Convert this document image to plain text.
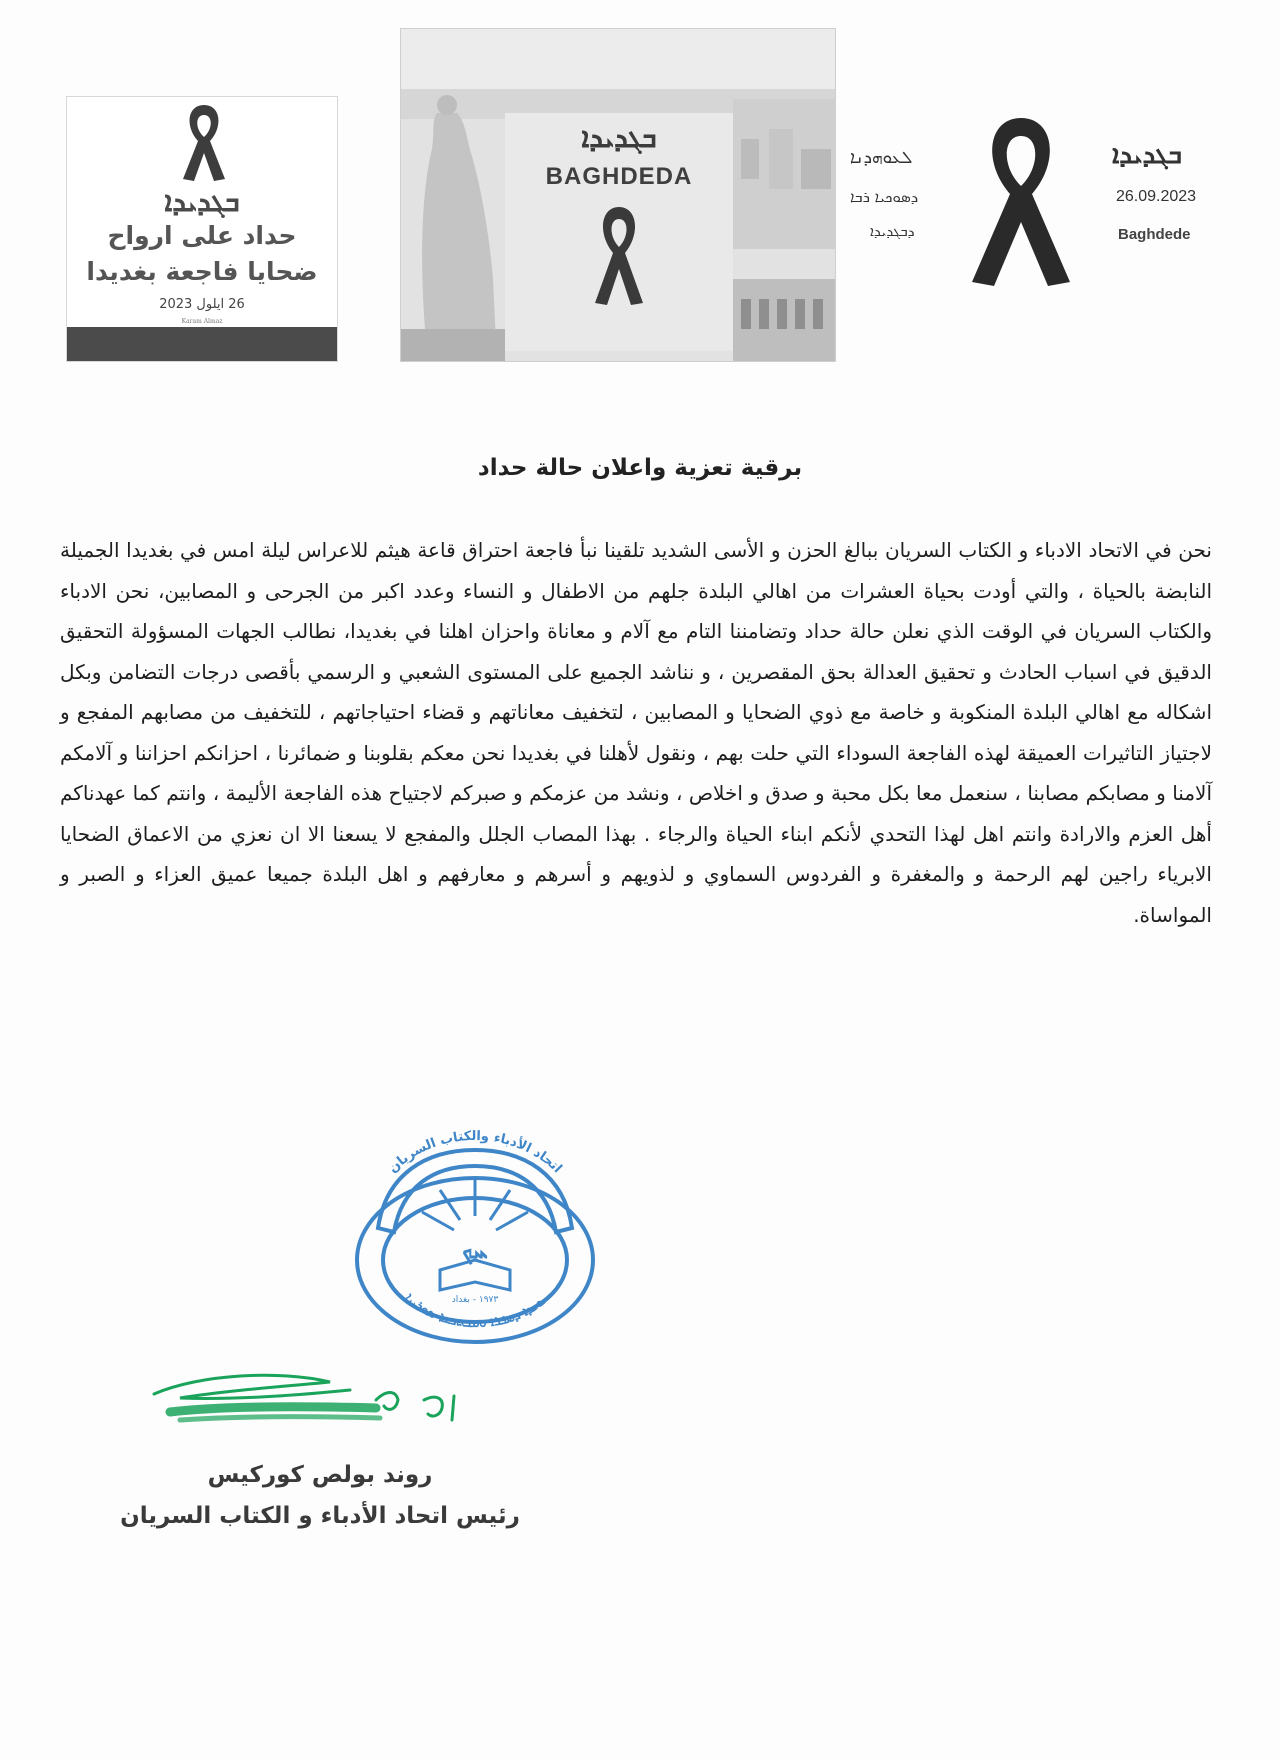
ܒܓܕܝܕܐ
حداد على ارواح
ضحايا فاجعة بغديدا
26 ايلول 2023
Karam Almaz
ܒܓܕܝܕܐ
BAGHDEDA
ܠܥܘܗܕܢܐ
ܕܣܘܟܝܐ ܪܒܐ
ܕܒܓܕܝܕܐ
ܒܓܕܝܕܐ
26.09.2023
Baghdede
برقية تعزية واعلان حالة حداد
نحن في الاتحاد الادباء و الكتاب السريان ببالغ الحزن و الأسى الشديد تلقينا نبأ فاجعة احتراق قاعة هيثم للاعراس ليلة امس في بغديدا الجميلة النابضة بالحياة ، والتي أودت بحياة العشرات من اهالي البلدة جلهم من الاطفال و النساء وعدد اكبر من الجرحى و المصابين، نحن الادباء والكتاب السريان في الوقت الذي نعلن حالة حداد وتضامننا التام مع آلام و معاناة واحزان اهلنا في بغديدا، نطالب الجهات المسؤولة التحقيق الدقيق في اسباب الحادث و تحقيق العدالة بحق المقصرين ، و نناشد الجميع على المستوى الشعبي و الرسمي بأقصى درجات التضامن وبكل اشكاله مع اهالي البلدة المنكوبة و خاصة مع ذوي الضحايا و المصابين ، لتخفيف معاناتهم و قضاء احتياجاتهم ، للتخفيف من مصابهم المفجع و لاجتياز التاثيرات العميقة لهذه الفاجعة السوداء التي حلت بهم ، ونقول لأهلنا في بغديدا نحن معكم بقلوبنا و ضمائرنا ، احزانكم احزاننا و آلامكم آلامنا و مصابكم مصابنا ، سنعمل معا بكل محبة و صدق و اخلاص ، ونشد من عزمكم و صبركم لاجتياح هذه الفاجعة الأليمة ، وانتم كما عهدناكم أهل العزم والارادة وانتم اهل لهذا التحدي لأنكم ابناء الحياة والرجاء . بهذا المصاب الجلل والمفجع لا يسعنا الا ان نعزي من الاعماق الضحايا الابرياء راجين لهم الرحمة و والمغفرة و الفردوس السماوي و لذويهم و أسرهم و معارفهم و اهل البلدة جميعا عميق العزاء و الصبر و المواساة.
اتحاد الأدباء والكتاب السريان
ܚܟ
١٩٧٣ - بغداد
ܚܘܝܕܐ ܕܣܦܪܐ ܘܡܟܬܒܢܐ ܣܘܪܝܝܐ
روند بولص كوركيس
رئيس اتحاد الأدباء و الكتاب السريان
